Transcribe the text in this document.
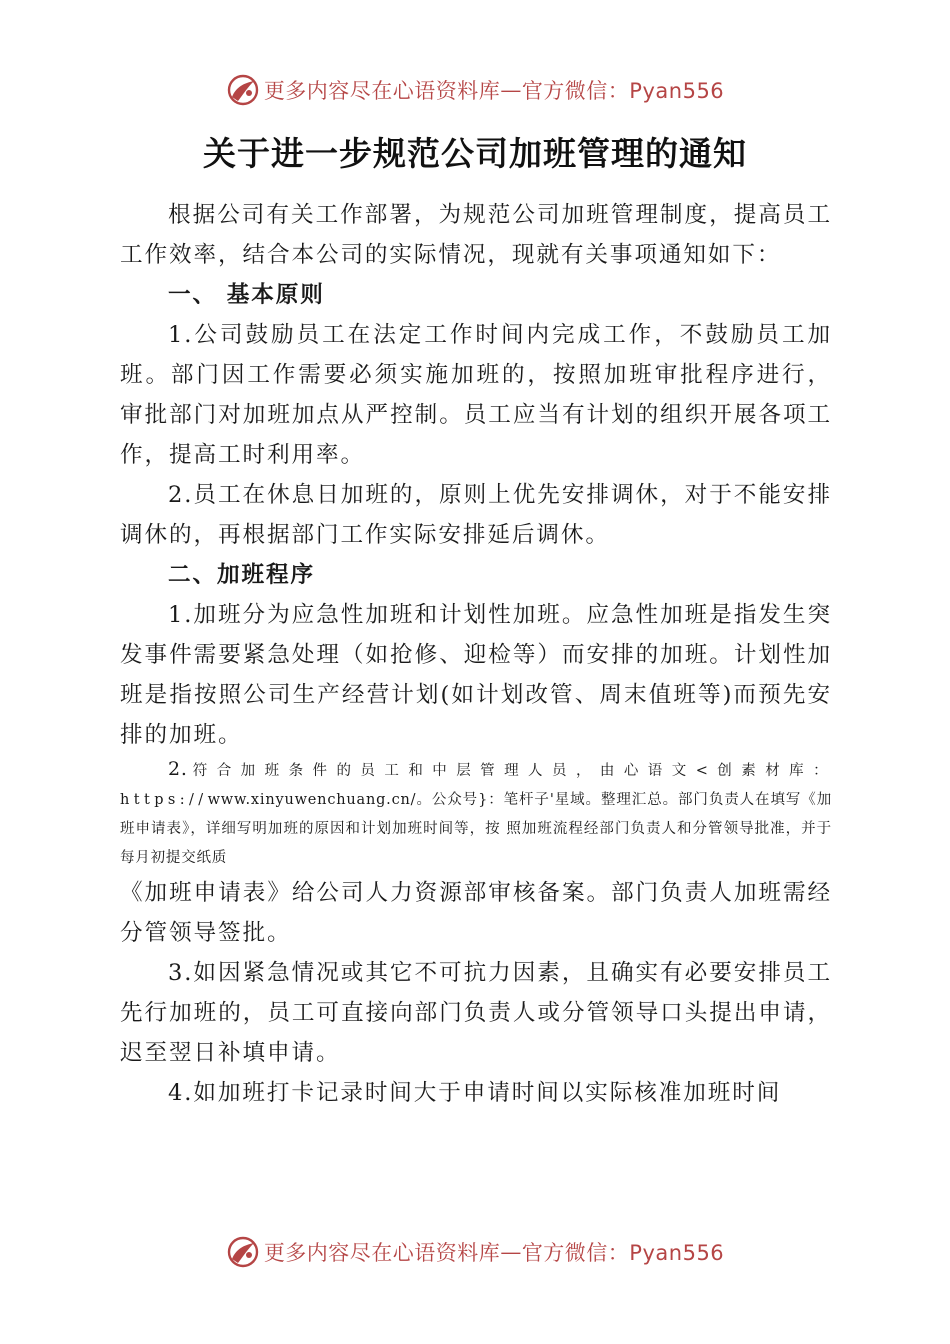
更多内容尽在心语资料库 — 官方微信：Pyan556
关于进一步规范公司加班管理的通知

根据公司有关工作部署，为规范公司加班管理制度，提高员工工作效率，结合本公司的实际情况，现就有关事项通知如下：

一、 基本原则

1.公司鼓励员工在法定工作时间内完成工作，不鼓励员工加班。部门因工作需要必须实施加班的，按照加班审批程序进行， 审批部门对加班加点从严控制。员工应当有计划的组织开展各项工作，提高工时利用率。

2.员工在休息日加班的，原则上优先安排调休，对于不能安排调休的，再根据部门工作实际安排延后调休。

二、加班程序

1.加班分为应急性加班和计划性加班。应急性加班是指发生突发事件需要紧急处理（如抢修、迎检等）而安排的加班。计划性加班是指按照公司生产经营计划(如计划改管、周末值班等)而预先安排的加班。

2.符合加班条件的员工和中层管理人员，由心语文<创素材库：https://www.xinyuwenchuang.cn/。公众号}：笔杆子'星域。整理汇总。部门负责人在填写《加班申请表》，详细写明加班的原因和计划加班时间等，按 照加班流程经部门负责人和分管领导批准，并于每月初提交纸质

《加班申请表》给公司人力资源部审核备案。部门负责人加班需经分管领导签批。

3.如因紧急情况或其它不可抗力因素，且确实有必要安排员工先行加班的，员工可直接向部门负责人或分管领导口头提出申请，迟至翌日补填申请。

4.如加班打卡记录时间大于申请时间以实际核准加班时间

更多内容尽在心语资料库 — 官方微信：Pyan556
